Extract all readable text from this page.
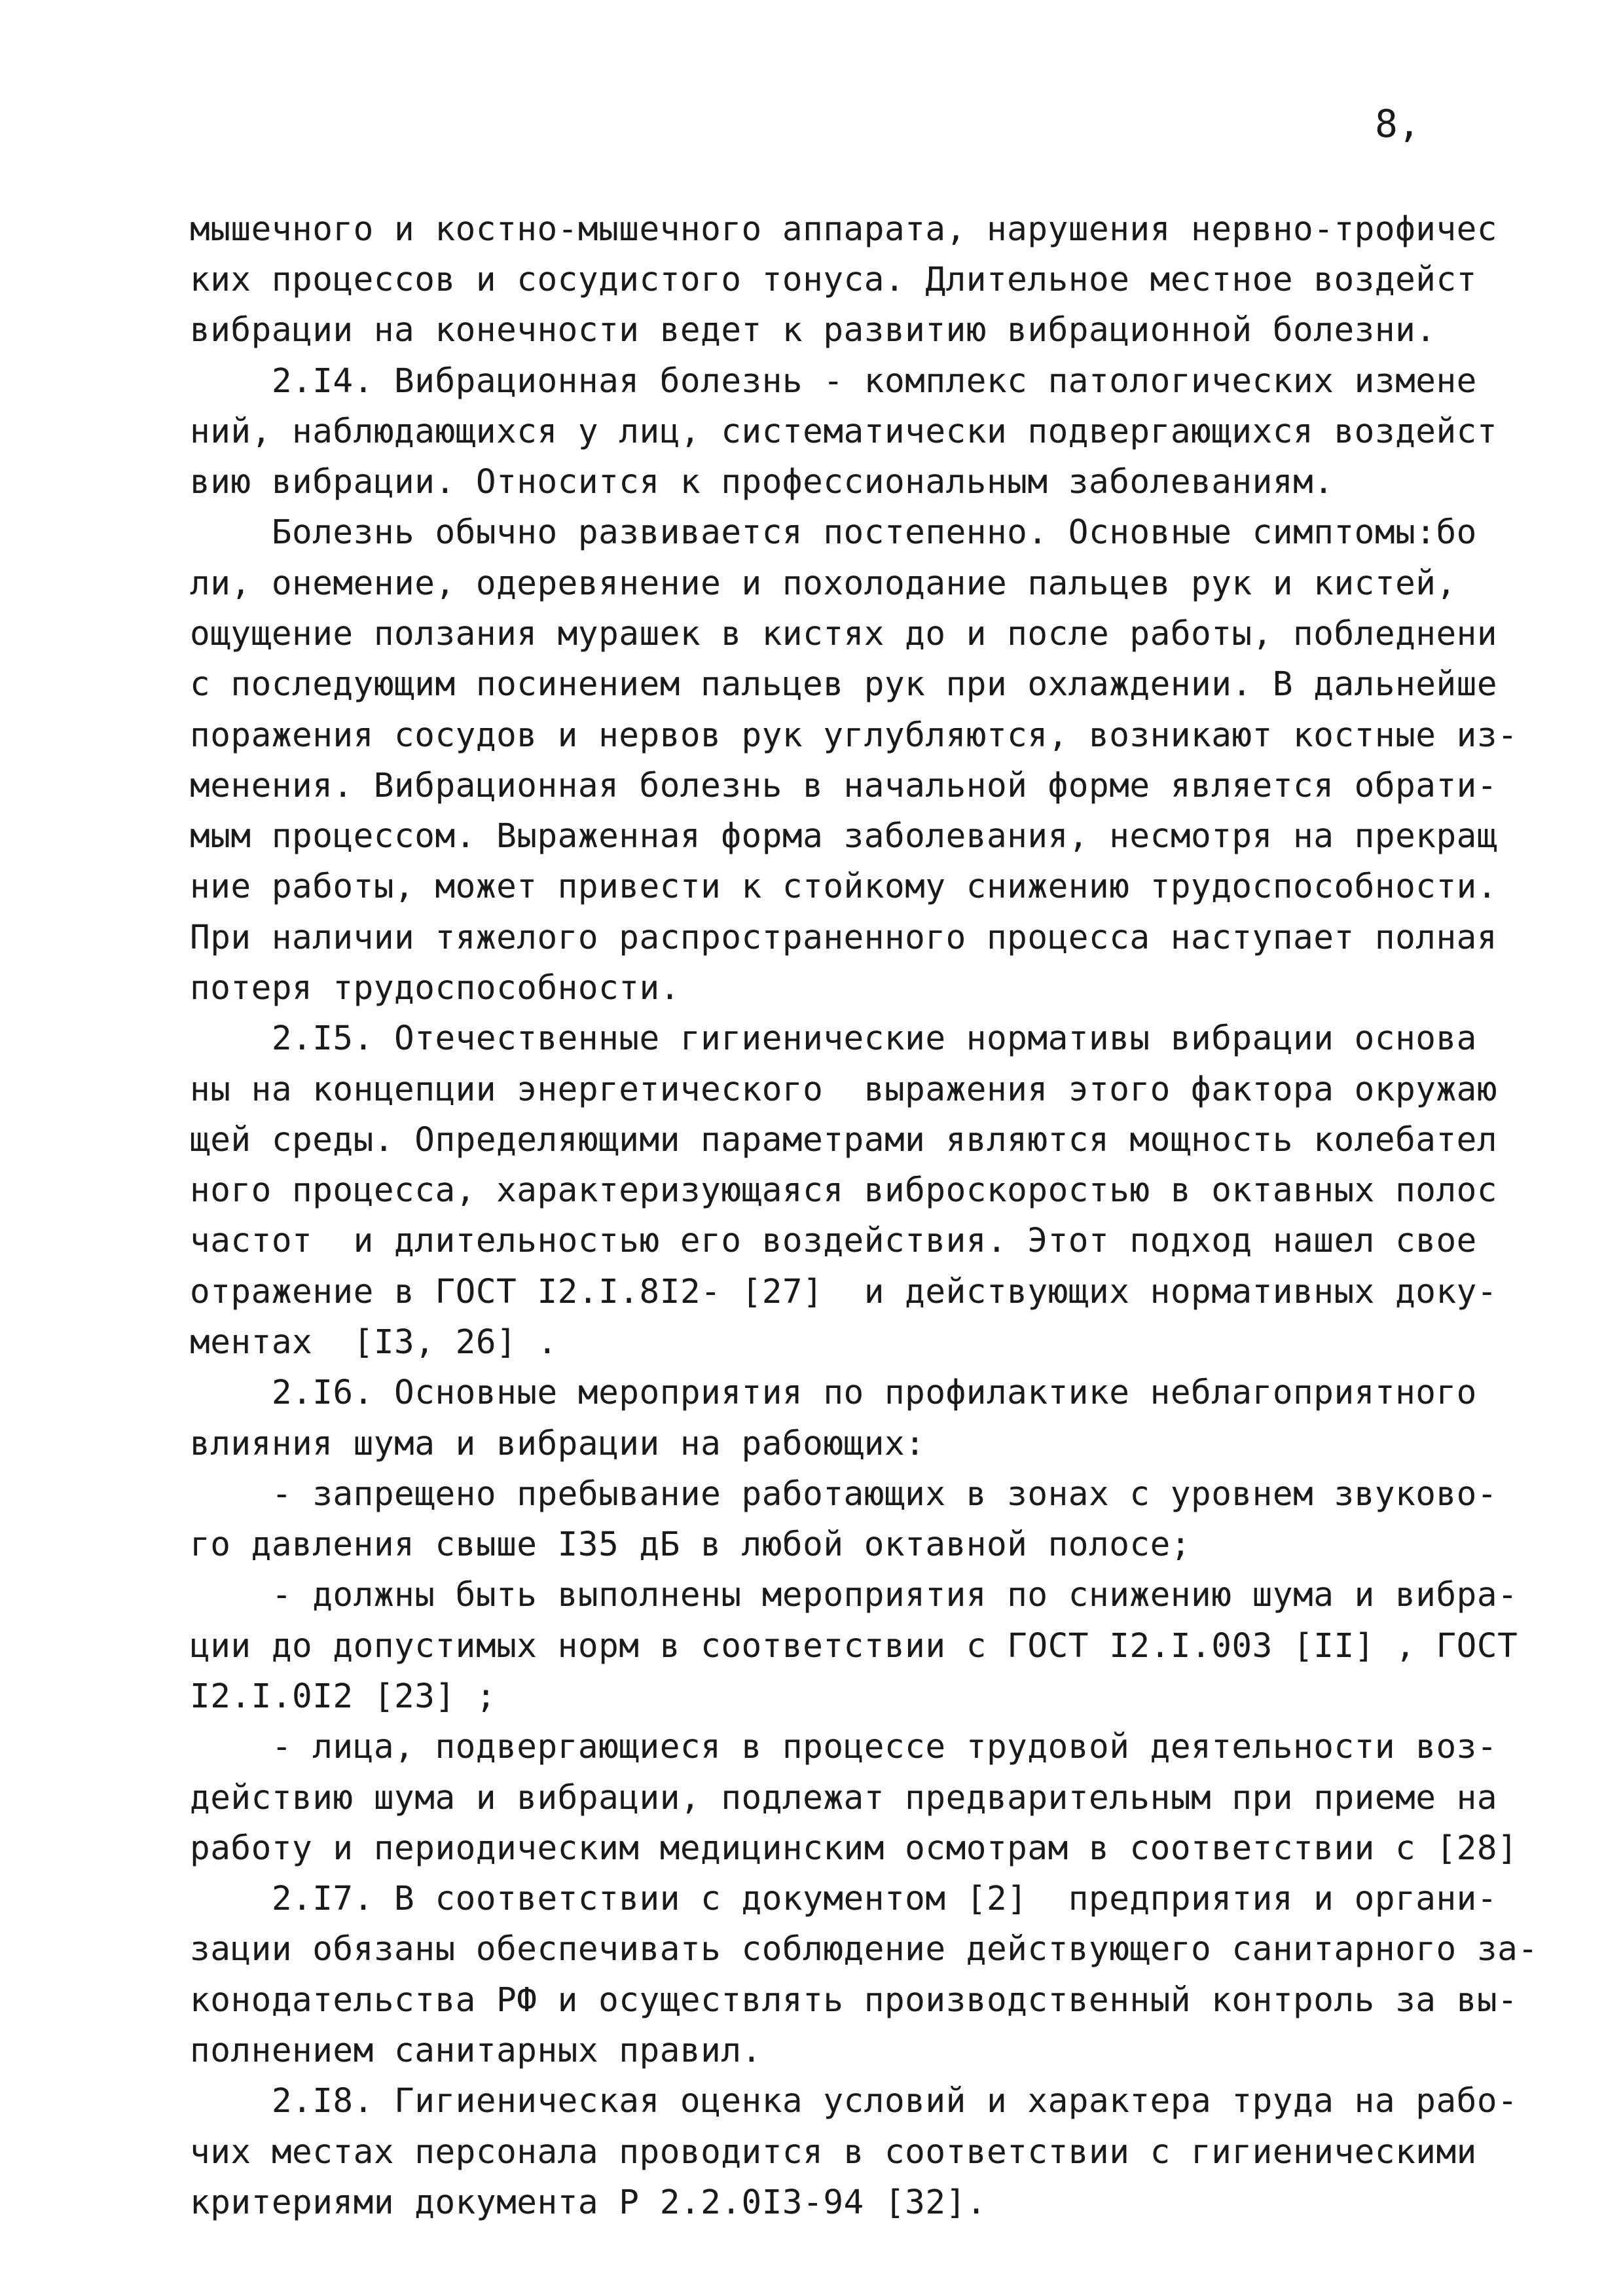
8,
мышечного и костно-мышечного аппарата, нарушения нервно-трофичес
ких процессов и сосудистого тонуса. Длительное местное воздейст
вибрации на конечности ведет к развитию вибрационной болезни.
2.I4. Вибрационная болезнь - комплекс патологических измене
ний, наблюдающихся у лиц, систематически подвергающихся воздейст
вию вибрации. Относится к профессиональным заболеваниям.
Болезнь обычно развивается постепенно. Основные симптомы:бо
ли, онемение, одеревянение и похолодание пальцев рук и кистей,
ощущение ползания мурашек в кистях до и после работы, побледнени
с последующим посинением пальцев рук при охлаждении. В дальнейше
поражения сосудов и нервов рук углубляются, возникают костные из-
менения. Вибрационная болезнь в начальной форме является обрати-
мым процессом. Выраженная форма заболевания, несмотря на прекращ
ние работы, может привести к стойкому снижению трудоспособности.
При наличии тяжелого распространенного процесса наступает полная
потеря трудоспособности.
2.I5. Отечественные гигиенические нормативы вибрации основа
ны на концепции энергетического  выражения этого фактора окружаю
щей среды. Определяющими параметрами являются мощность колебател
ного процесса, характеризующаяся виброскоростью в октавных полос
частот  и длительностью его воздействия. Этот подход нашел свое
отражение в ГОСТ I2.I.8I2- [27]  и действующих нормативных доку-
ментах  [I3, 26] .
2.I6. Основные мероприятия по профилактике неблагоприятного
влияния шума и вибрации на рабоющих:
- запрещено пребывание работающих в зонах с уровнем звуково-
го давления свыше I35 дБ в любой октавной полосе;
- должны быть выполнены мероприятия по снижению шума и вибра-
ции до допустимых норм в соответствии с ГОСТ I2.I.003 [II] , ГОСТ
I2.I.0I2 [23] ;
- лица, подвергающиеся в процессе трудовой деятельности воз-
действию шума и вибрации, подлежат предварительным при приеме на
работу и периодическим медицинским осмотрам в соответствии с [28]
2.I7. В соответствии с документом [2]  предприятия и органи-
зации обязаны обеспечивать соблюдение действующего санитарного за-
конодательства РФ и осуществлять производственный контроль за вы-
полнением санитарных правил.
2.I8. Гигиеническая оценка условий и характера труда на рабо-
чих местах персонала проводится в соответствии с гигиеническими
критериями документа Р 2.2.0I3-94 [32].
